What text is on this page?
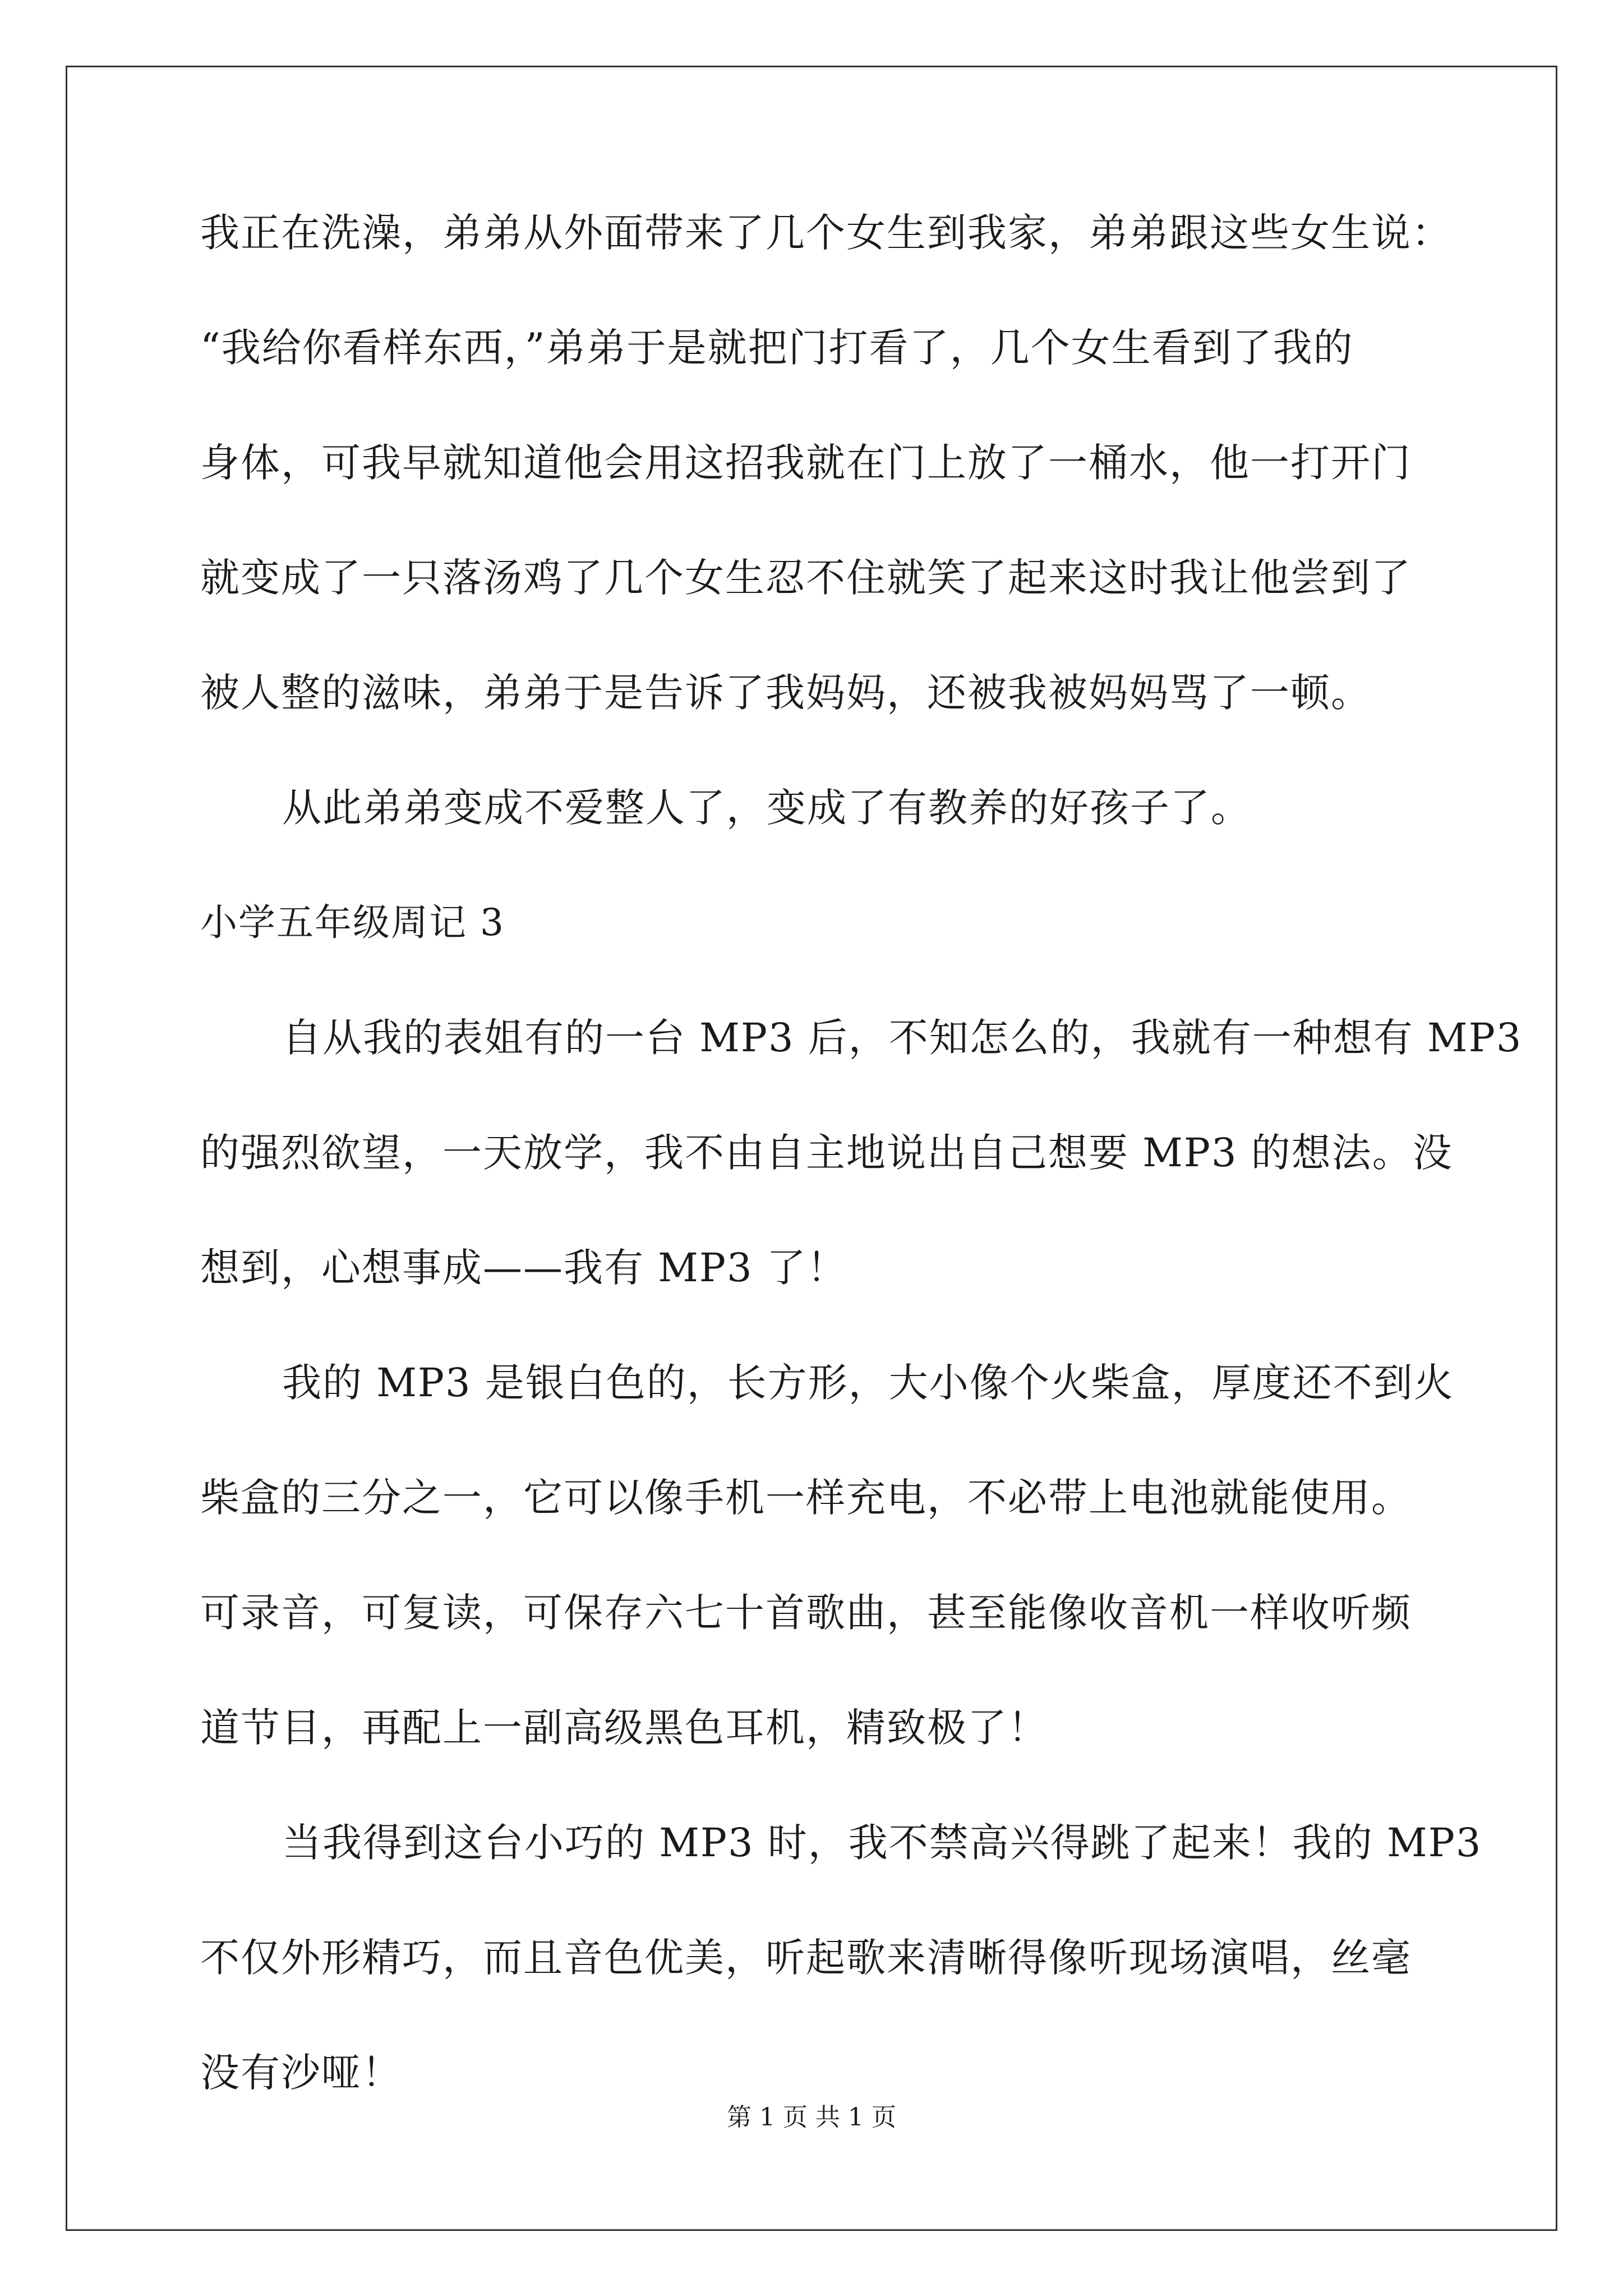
我正在洗澡，弟弟从外面带来了几个女生到我家，弟弟跟这些女生说：

“我给你看样东西，”弟弟于是就把门打看了，几个女生看到了我的

身体，可我早就知道他会用这招我就在门上放了一桶水，他一打开门

就变成了一只落汤鸡了几个女生忍不住就笑了起来这时我让他尝到了

被人整的滋味，弟弟于是告诉了我妈妈，还被我被妈妈骂了一顿。

从此弟弟变成不爱整人了，变成了有教养的好孩子了。

小学五年级周记 3

自从我的表姐有的一台 MP3 后，不知怎么的，我就有一种想有 MP3

的强烈欲望，一天放学，我不由自主地说出自己想要 MP3 的想法。没

想到，心想事成——我有 MP3 了！

我的 MP3 是银白色的，长方形，大小像个火柴盒，厚度还不到火

柴盒的三分之一，它可以像手机一样充电，不必带上电池就能使用。

可录音，可复读，可保存六七十首歌曲，甚至能像收音机一样收听频

道节目，再配上一副高级黑色耳机，精致极了！

当我得到这台小巧的 MP3 时，我不禁高兴得跳了起来！我的 MP3

不仅外形精巧，而且音色优美，听起歌来清晰得像听现场演唱，丝毫

没有沙哑！

第 1 页 共 1 页
